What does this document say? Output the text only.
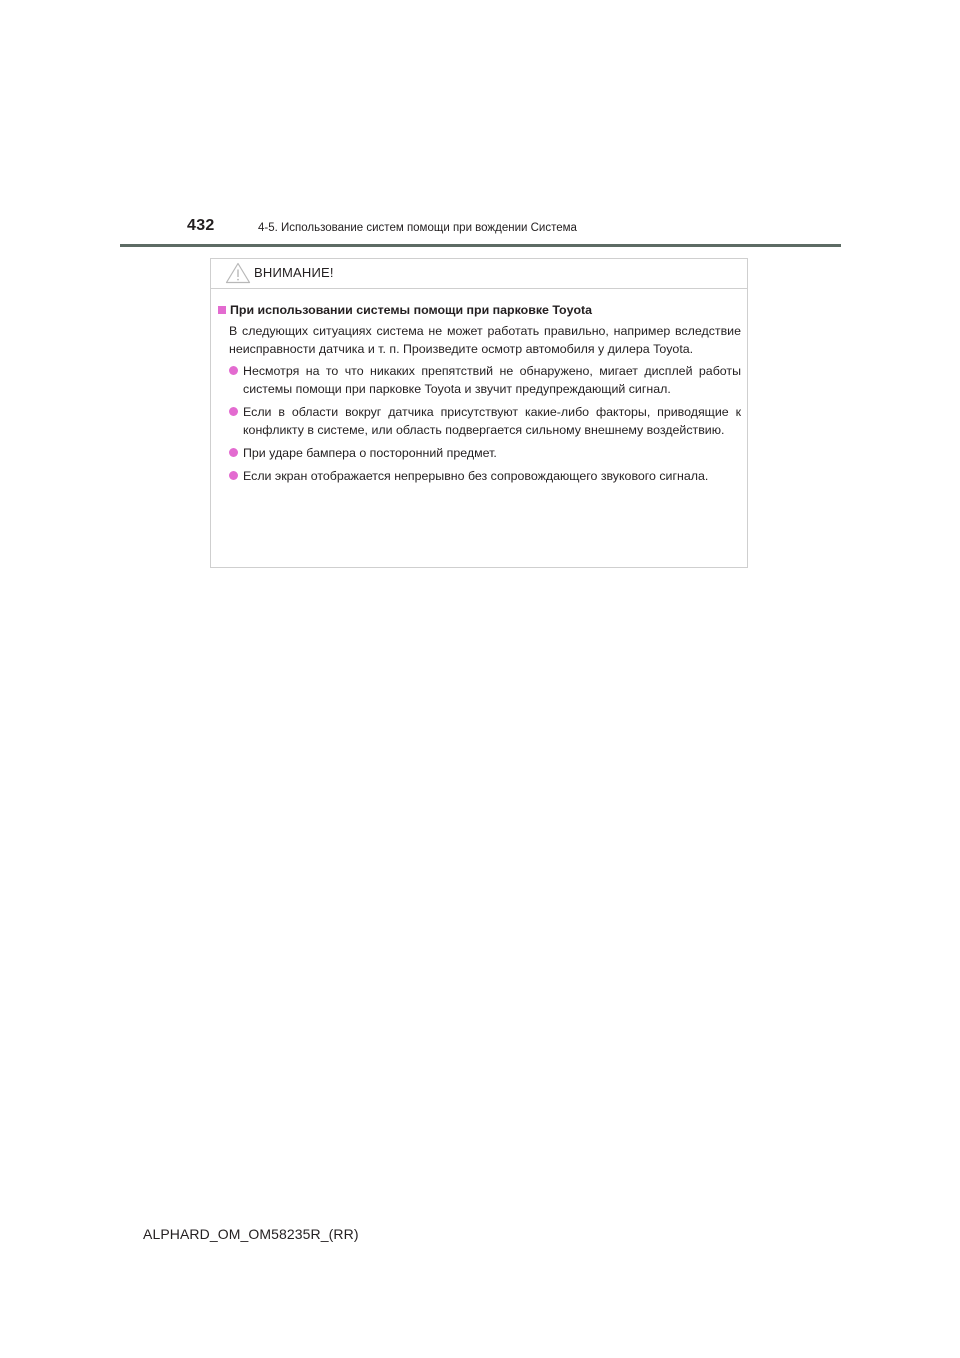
432	4-5. Использование систем помощи при вождении Система
ВНИМАНИЕ!
При использовании системы помощи при парковке Toyota
В следующих ситуациях система не может работать правильно, например вследствие неисправности датчика и т. п. Произведите осмотр автомобиля у дилера Toyota.
Несмотря на то что никаких препятствий не обнаружено, мигает дисплей работы системы помощи при парковке Toyota и звучит предупреждающий сигнал.
Если в области вокруг датчика присутствуют какие-либо факторы, приводящие к конфликту в системе, или область подвергается сильному внешнему воздействию.
При ударе бампера о посторонний предмет.
Если экран отображается непрерывно без сопровождающего звукового сигнала.
ALPHARD_OM_OM58235R_(RR)
